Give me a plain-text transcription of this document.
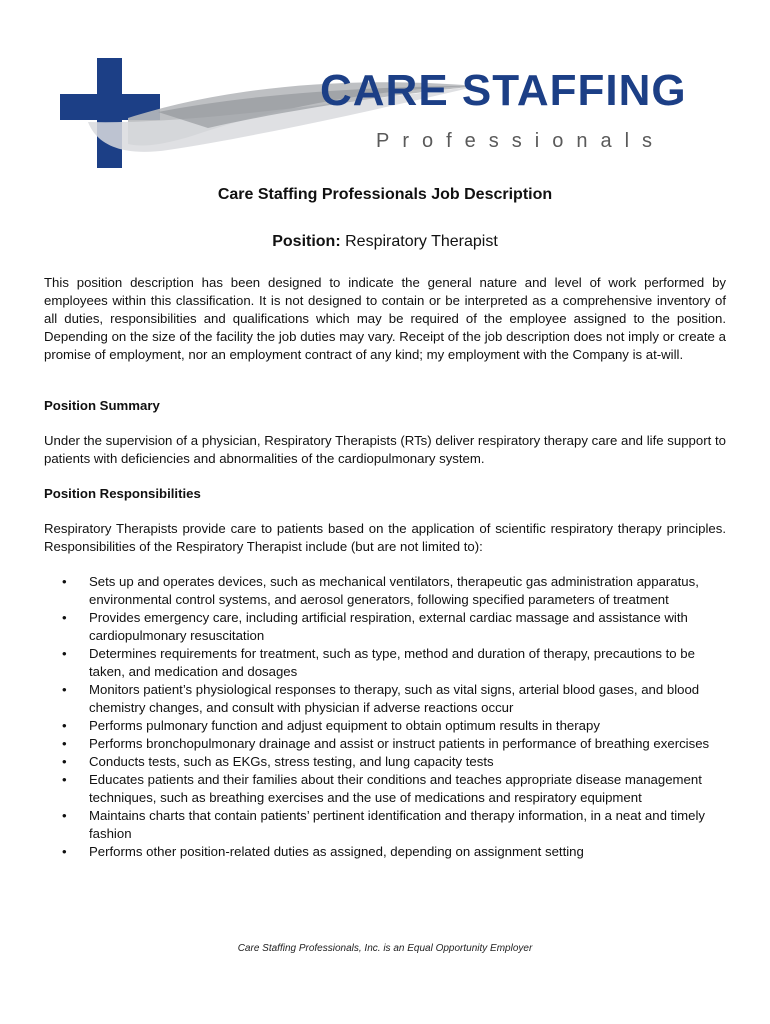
CARE STAFFING
Professionals
Care Staffing Professionals Job Description
Position: Respiratory Therapist
This position description has been designed to indicate the general nature and level of work performed by employees within this classification. It is not designed to contain or be interpreted as a comprehensive inventory of all duties, responsibilities and qualifications which may be required of the employee assigned to the position. Depending on the size of the facility the job duties may vary. Receipt of the job description does not imply or create a promise of employment, nor an employment contract of any kind; my employment with the Company is at-will.
Position Summary
Under the supervision of a physician, Respiratory Therapists (RTs) deliver respiratory therapy care and life support to patients with deficiencies and abnormalities of the cardiopulmonary system.
Position Responsibilities
Respiratory Therapists provide care to patients based on the application of scientific respiratory therapy principles. Responsibilities of the Respiratory Therapist include (but are not limited to):
• Sets up and operates devices, such as mechanical ventilators, therapeutic gas administration apparatus, environmental control systems, and aerosol generators, following specified parameters of treatment
• Provides emergency care, including artificial respiration, external cardiac massage and assistance with cardiopulmonary resuscitation
• Determines requirements for treatment, such as type, method and duration of therapy, precautions to be taken, and medication and dosages
• Monitors patient’s physiological responses to therapy, such as vital signs, arterial blood gases, and blood chemistry changes, and consult with physician if adverse reactions occur
• Performs pulmonary function and adjust equipment to obtain optimum results in therapy
• Performs bronchopulmonary drainage and assist or instruct patients in performance of breathing exercises
• Conducts tests, such as EKGs, stress testing, and lung capacity tests
• Educates patients and their families about their conditions and teaches appropriate disease management techniques, such as breathing exercises and the use of medications and respiratory equipment
• Maintains charts that contain patients’ pertinent identification and therapy information, in a neat and timely fashion
• Performs other position-related duties as assigned, depending on assignment setting
Care Staffing Professionals, Inc. is an Equal Opportunity Employer
